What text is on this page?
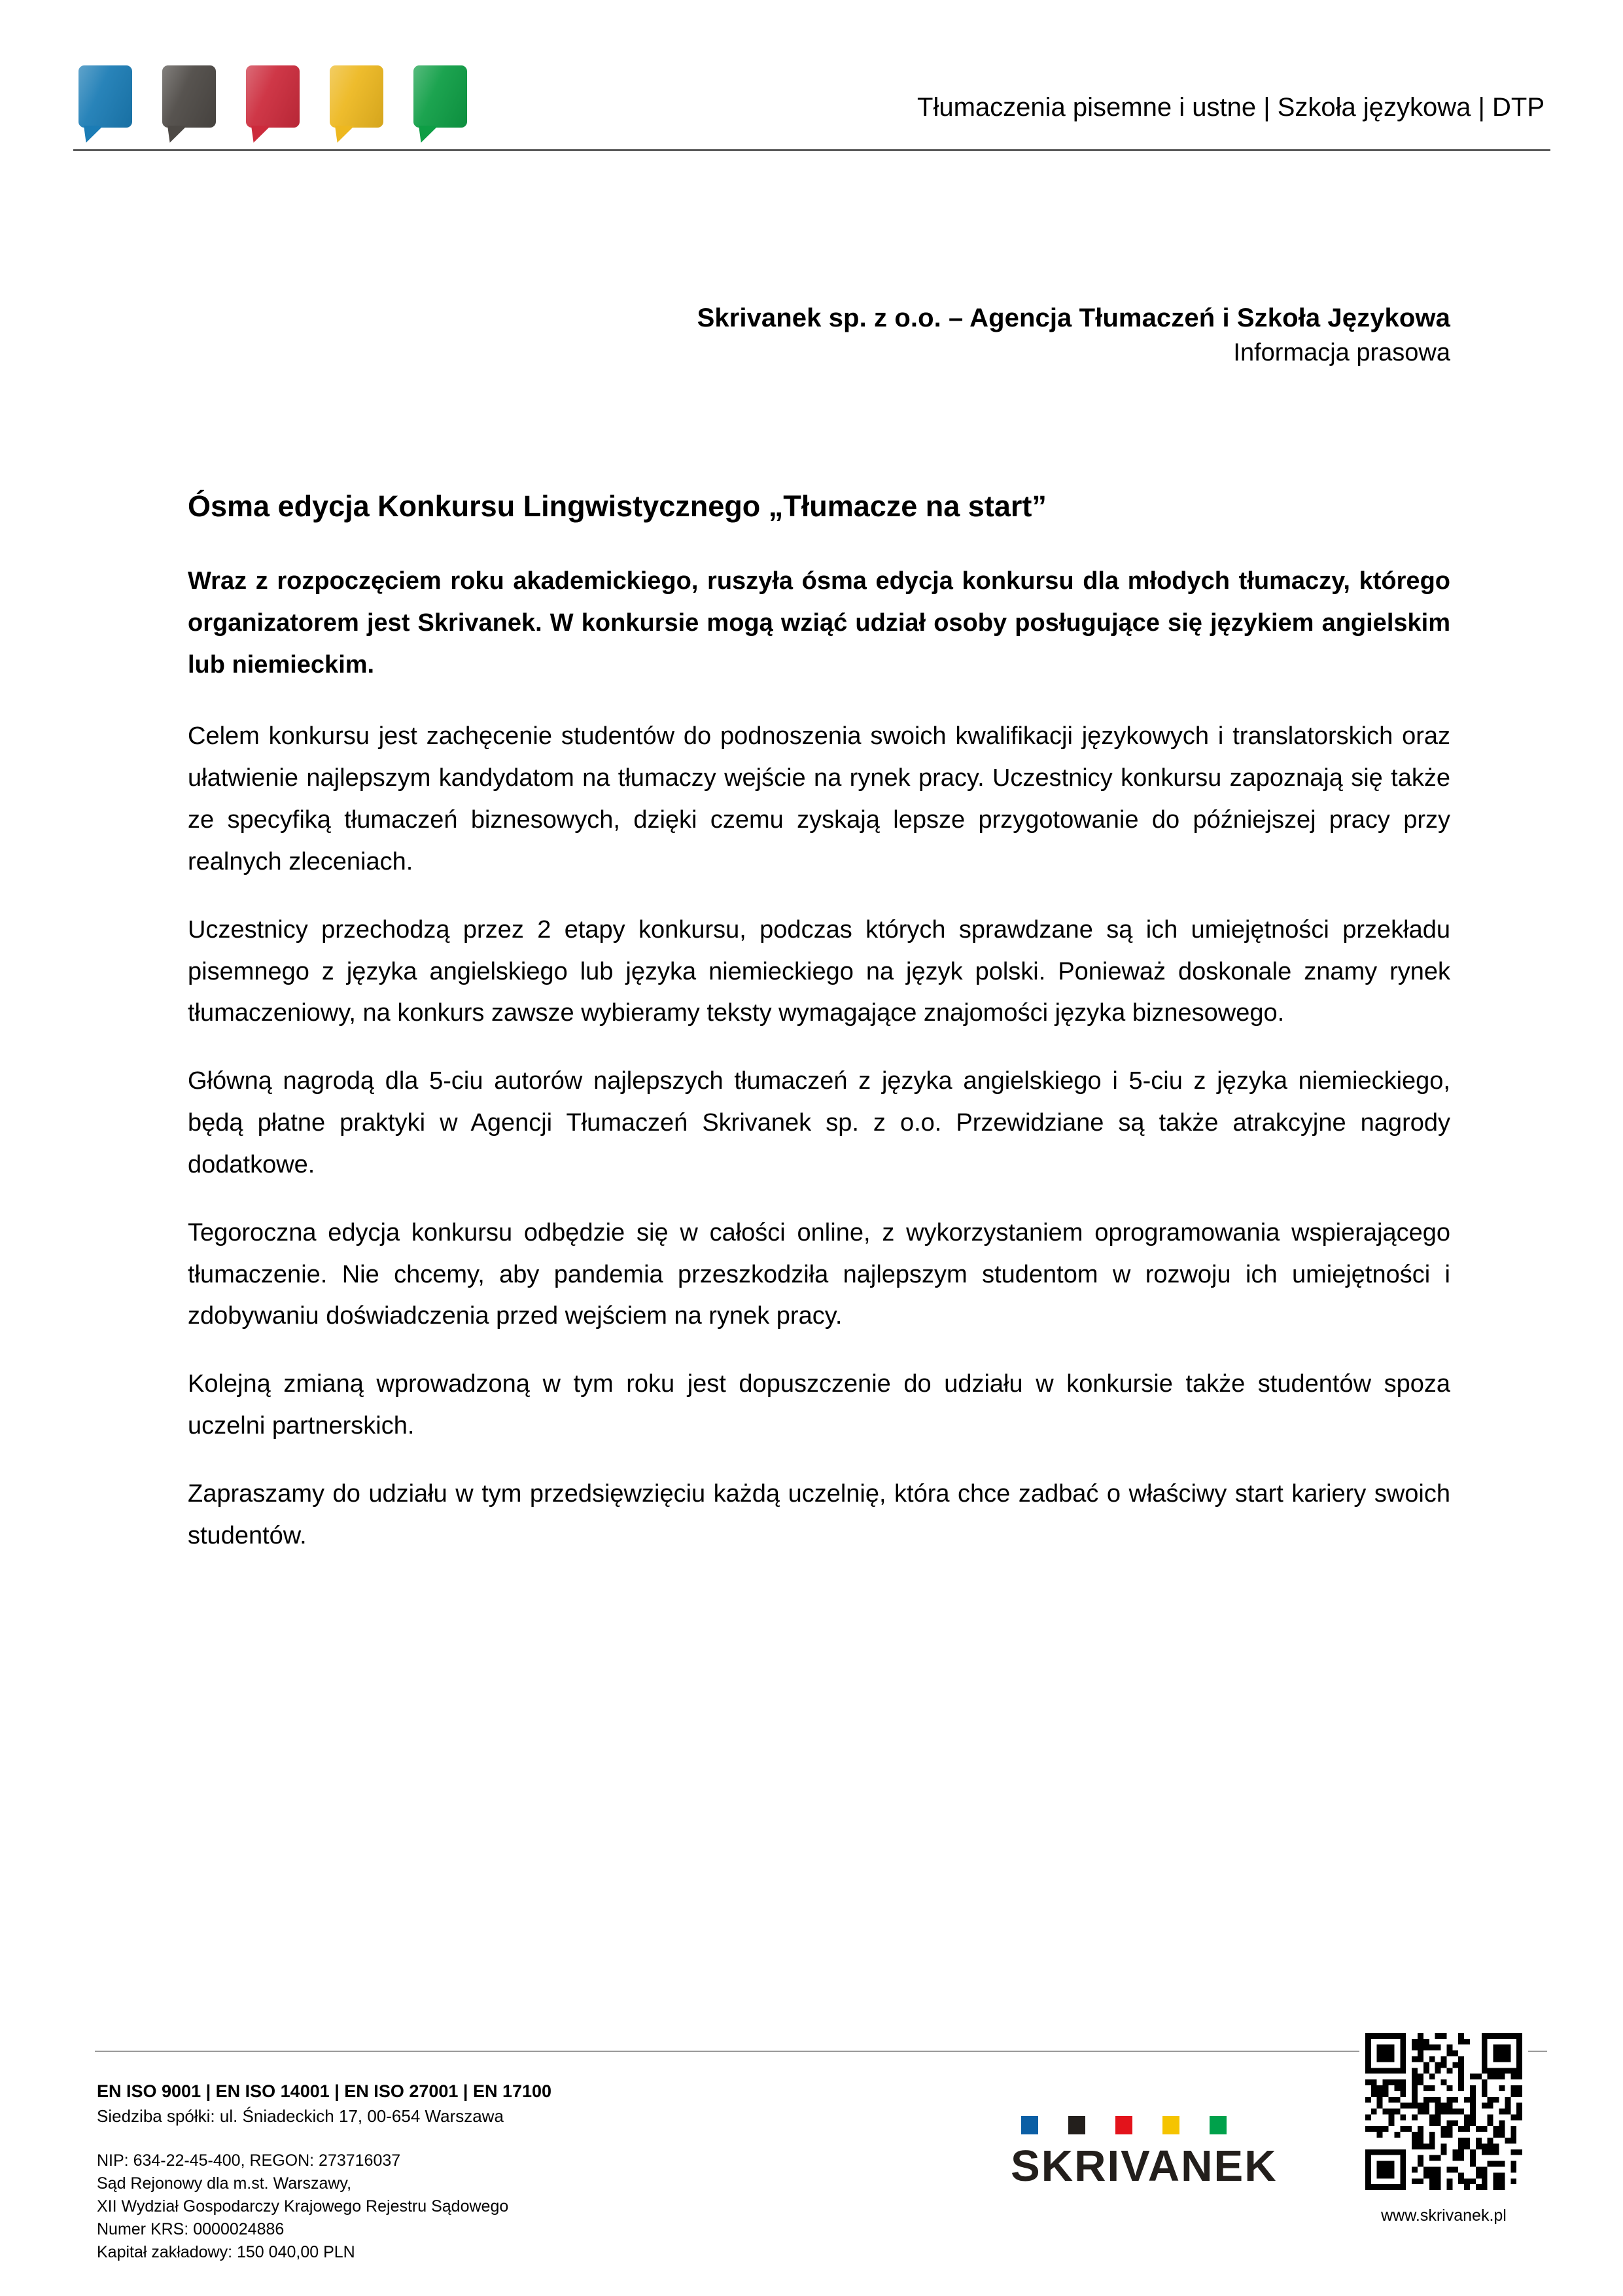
Tłumaczenia pisemne i ustne | Szkoła językowa | DTP
Skrivanek sp. z o.o. – Agencja Tłumaczeń i Szkoła Językowa
Informacja prasowa
Ósma edycja Konkursu Lingwistycznego „Tłumacze na start”

Wraz z rozpoczęciem roku akademickiego, ruszyła ósma edycja konkursu dla młodych tłumaczy, którego organizatorem jest Skrivanek. W konkursie mogą wziąć udział osoby posługujące się językiem angielskim lub niemieckim.

Celem konkursu jest zachęcenie studentów do podnoszenia swoich kwalifikacji językowych i translatorskich oraz ułatwienie najlepszym kandydatom na tłumaczy wejście na rynek pracy. Uczestnicy konkursu zapoznają się także ze specyfiką tłumaczeń biznesowych, dzięki czemu zyskają lepsze przygotowanie do późniejszej pracy przy realnych zleceniach.

Uczestnicy przechodzą przez 2 etapy konkursu, podczas których sprawdzane są ich umiejętności przekładu pisemnego z języka angielskiego lub języka niemieckiego na język polski. Ponieważ doskonale znamy rynek tłumaczeniowy, na konkurs zawsze wybieramy teksty wymagające znajomości języka biznesowego.

Główną nagrodą dla 5-ciu autorów najlepszych tłumaczeń z języka angielskiego i 5-ciu z języka niemieckiego, będą płatne praktyki w Agencji Tłumaczeń Skrivanek sp. z o.o. Przewidziane są także atrakcyjne nagrody dodatkowe.

Tegoroczna edycja konkursu odbędzie się w całości online, z wykorzystaniem oprogramowania wspierającego tłumaczenie. Nie chcemy, aby pandemia przeszkodziła najlepszym studentom w rozwoju ich umiejętności i zdobywaniu doświadczenia przed wejściem na rynek pracy.

Kolejną zmianą wprowadzoną w tym roku jest dopuszczenie do udziału w konkursie także studentów spoza uczelni partnerskich.

Zapraszamy do udziału w tym przedsięwzięciu każdą uczelnię, która chce zadbać o właściwy start kariery swoich studentów.

EN ISO 9001 | EN ISO 14001 | EN ISO 27001 | EN 17100
Siedziba spółki: ul. Śniadeckich 17, 00-654 Warszawa
NIP: 634-22-45-400, REGON: 273716037
Sąd Rejonowy dla m.st. Warszawy,
XII Wydział Gospodarczy Krajowego Rejestru Sądowego
Numer KRS: 0000024886
Kapitał zakładowy: 150 040,00 PLN
SKRIVANEK
www.skrivanek.pl
